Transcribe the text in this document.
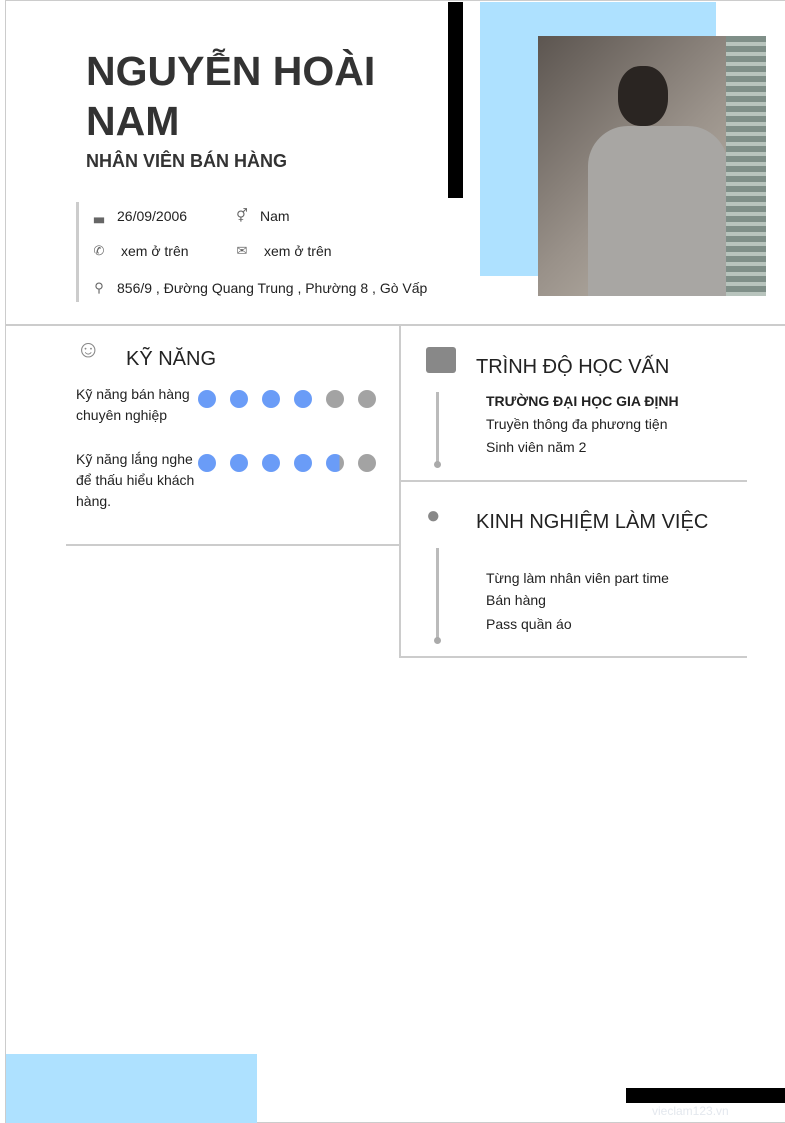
NGUYỄN HOÀI NAM
NHÂN VIÊN BÁN HÀNG
▃ 26/09/2006	⚥ Nam
✆ xem ở trên	✉ xem ở trên
⚲ 856/9 , Đường Quang Trung , Phường 8 , Gò Vấp
☺ KỸ NĂNG
Kỹ năng bán hàng chuyên nghiệp
Kỹ năng lắng nghe để thấu hiểu khách hàng.
TRÌNH ĐỘ HỌC VẤN
TRƯỜNG ĐẠI HỌC GIA ĐỊNH
Truyền thông đa phương tiện
Sinh viên năm 2
●	KINH NGHIỆM LÀM VIỆC
Từng làm nhân viên part time
Bán hàng
Pass quần áo
vieclam123.vn
